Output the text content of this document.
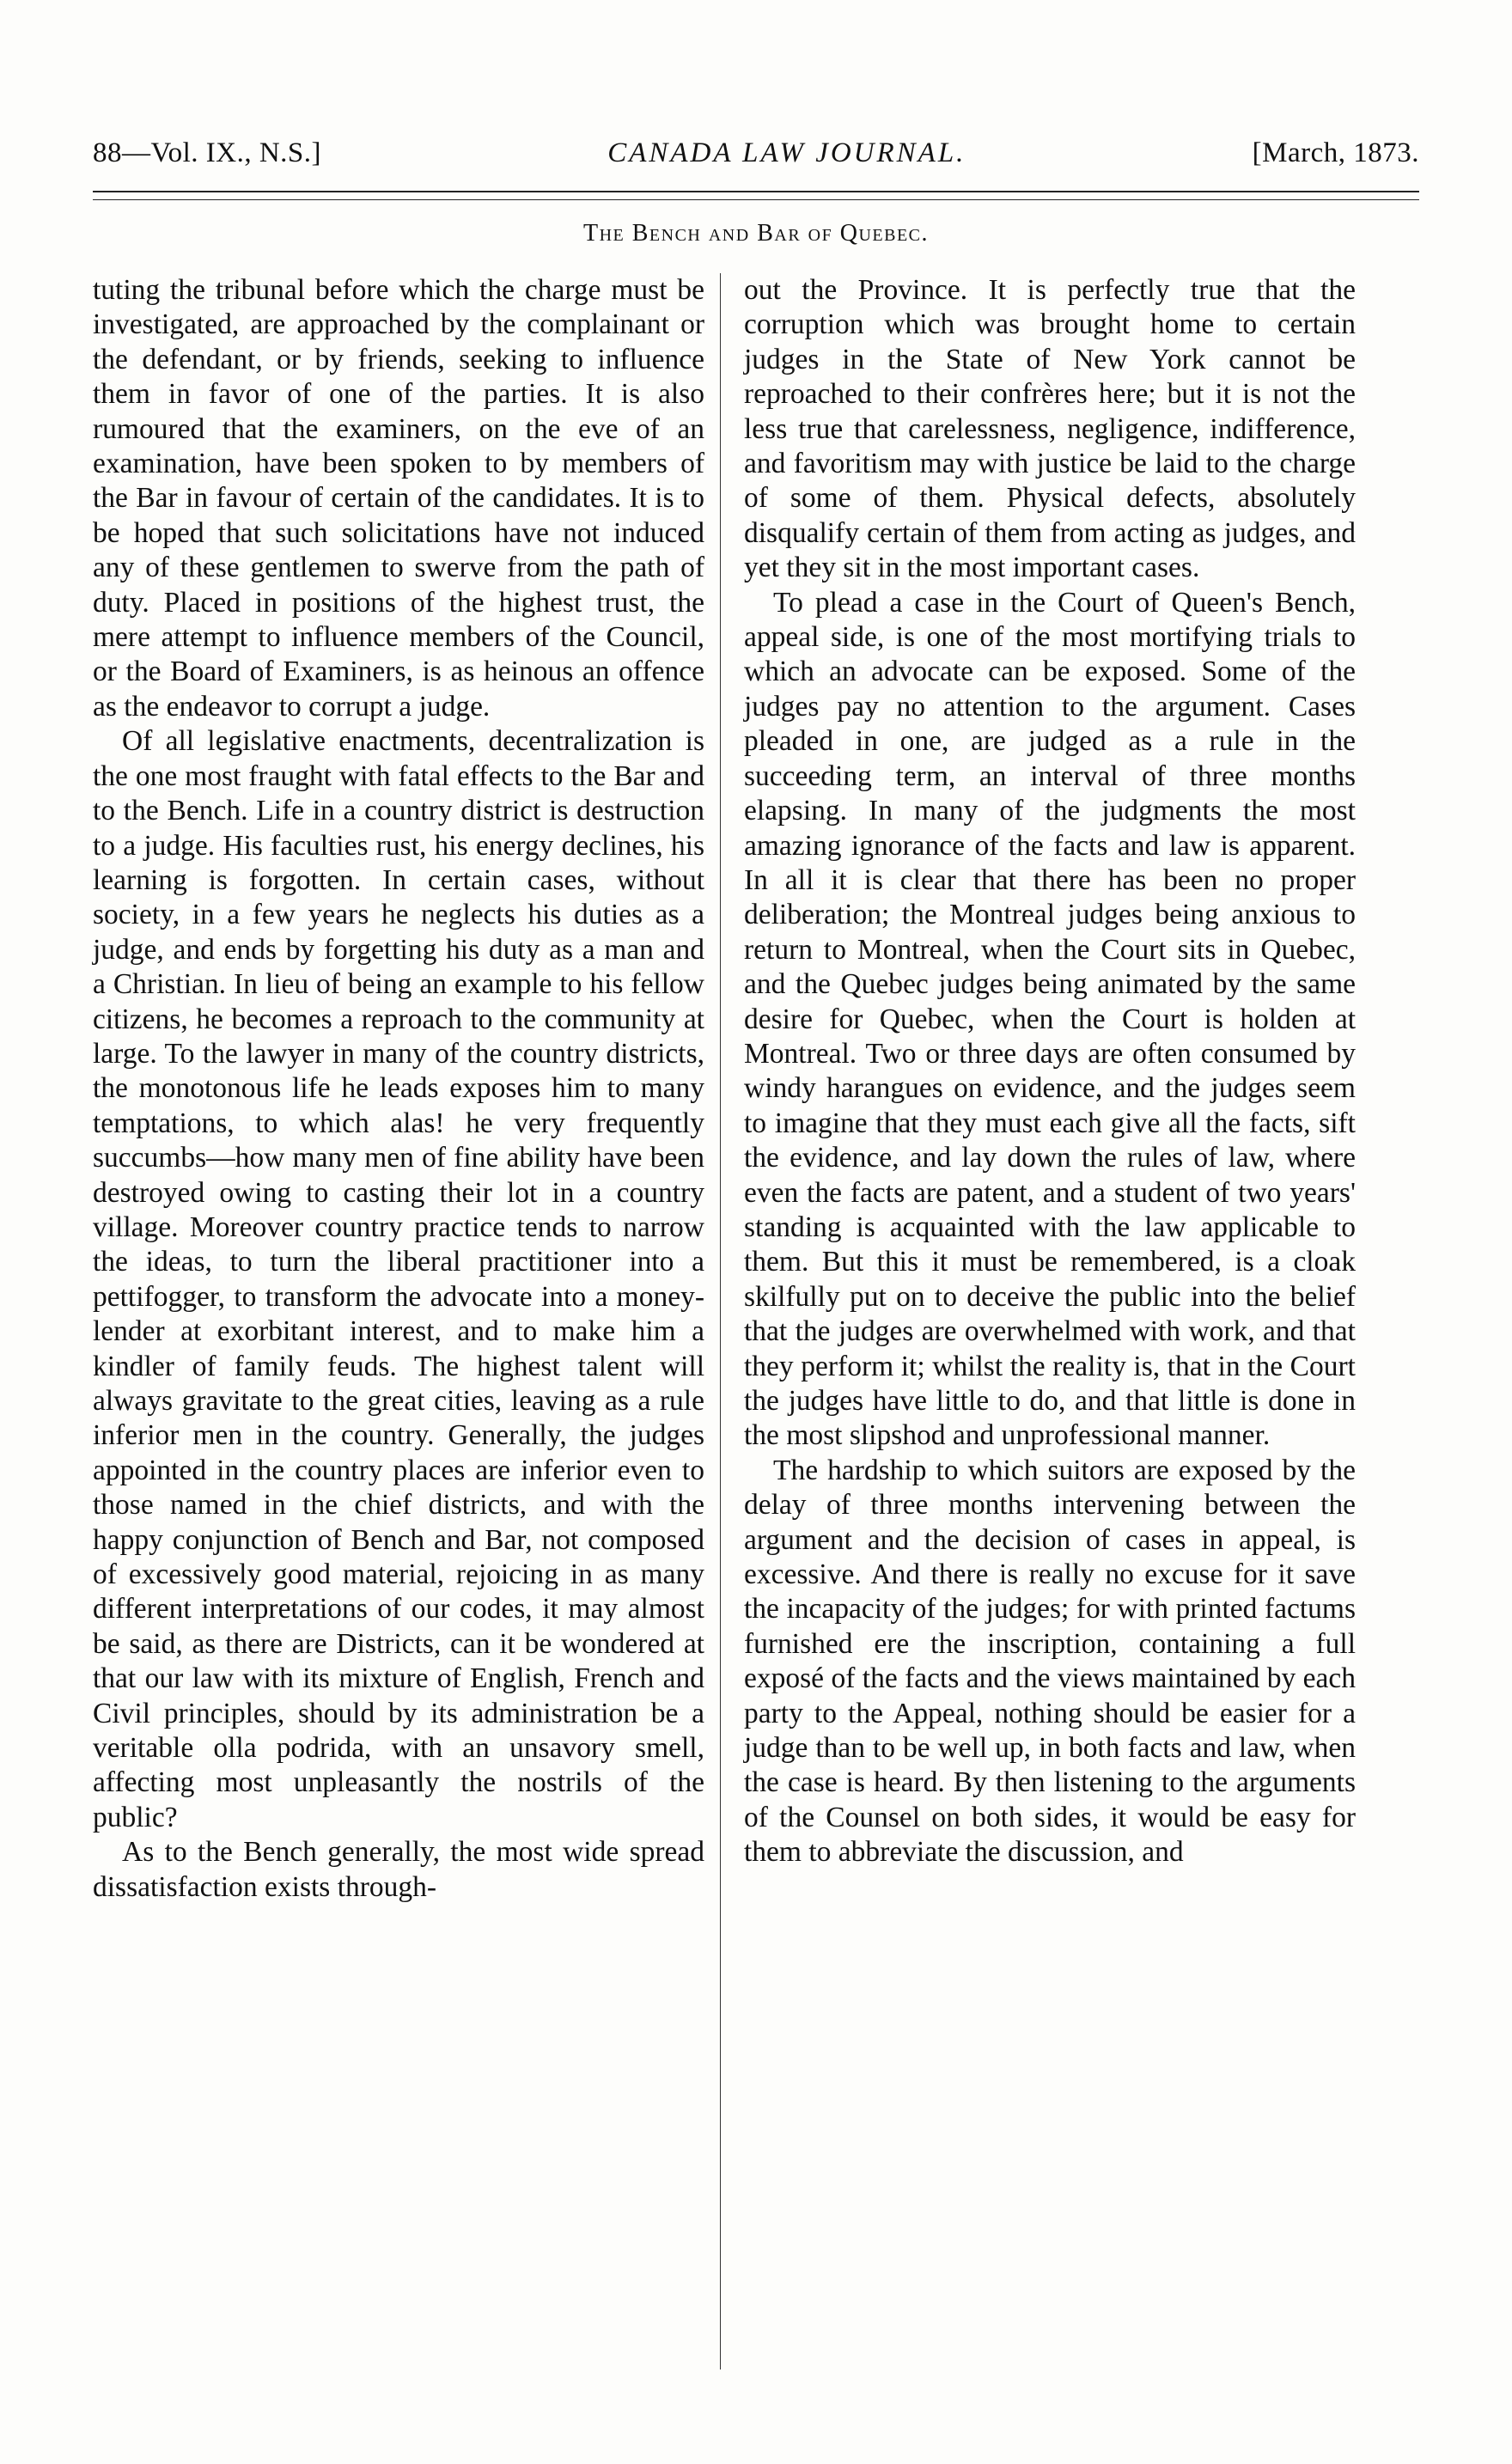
88—Vol. IX., N.S.]	CANADA LAW JOURNAL.	[March, 1873.
The Bench and Bar of Quebec.

tuting the tribunal before which the charge must be investigated, are approached by the complainant or the defendant, or by friends, seeking to influence them in favor of one of the parties. It is also rumoured that the examiners, on the eve of an examination, have been spoken to by members of the Bar in favour of certain of the candidates. It is to be hoped that such solicitations have not induced any of these gentlemen to swerve from the path of duty. Placed in positions of the highest trust, the mere attempt to influence members of the Council, or the Board of Examiners, is as heinous an offence as the endeavor to corrupt a judge.

Of all legislative enactments, decentralization is the one most fraught with fatal effects to the Bar and to the Bench. Life in a country district is destruction to a judge. His faculties rust, his energy declines, his learning is forgotten. In certain cases, without society, in a few years he neglects his duties as a judge, and ends by forgetting his duty as a man and a Christian. In lieu of being an example to his fellow citizens, he becomes a reproach to the community at large. To the lawyer in many of the country districts, the monotonous life he leads exposes him to many temptations, to which alas! he very frequently succumbs—how many men of fine ability have been destroyed owing to casting their lot in a country village. Moreover country practice tends to narrow the ideas, to turn the liberal practitioner into a pettifogger, to transform the advocate into a money-lender at exorbitant interest, and to make him a kindler of family feuds. The highest talent will always gravitate to the great cities, leaving as a rule inferior men in the country. Generally, the judges appointed in the country places are inferior even to those named in the chief districts, and with the happy conjunction of Bench and Bar, not composed of excessively good material, rejoicing in as many different interpretations of our codes, it may almost be said, as there are Districts, can it be wondered at that our law with its mixture of English, French and Civil principles, should by its administration be a veritable olla podrida, with an unsavory smell, affecting most unpleasantly the nostrils of the public?

As to the Bench generally, the most wide spread dissatisfaction exists through-

out the Province. It is perfectly true that the corruption which was brought home to certain judges in the State of New York cannot be reproached to their confrères here; but it is not the less true that carelessness, negligence, indifference, and favoritism may with justice be laid to the charge of some of them. Physical defects, absolutely disqualify certain of them from acting as judges, and yet they sit in the most important cases.

To plead a case in the Court of Queen's Bench, appeal side, is one of the most mortifying trials to which an advocate can be exposed. Some of the judges pay no attention to the argument. Cases pleaded in one, are judged as a rule in the succeeding term, an interval of three months elapsing. In many of the judgments the most amazing ignorance of the facts and law is apparent. In all it is clear that there has been no proper deliberation; the Montreal judges being anxious to return to Montreal, when the Court sits in Quebec, and the Quebec judges being animated by the same desire for Quebec, when the Court is holden at Montreal. Two or three days are often consumed by windy harangues on evidence, and the judges seem to imagine that they must each give all the facts, sift the evidence, and lay down the rules of law, where even the facts are patent, and a student of two years' standing is acquainted with the law applicable to them. But this it must be remembered, is a cloak skilfully put on to deceive the public into the belief that the judges are overwhelmed with work, and that they perform it; whilst the reality is, that in the Court the judges have little to do, and that little is done in the most slipshod and unprofessional manner.

The hardship to which suitors are exposed by the delay of three months intervening between the argument and the decision of cases in appeal, is excessive. And there is really no excuse for it save the incapacity of the judges; for with printed factums furnished ere the inscription, containing a full exposé of the facts and the views maintained by each party to the Appeal, nothing should be easier for a judge than to be well up, in both facts and law, when the case is heard. By then listening to the arguments of the Counsel on both sides, it would be easy for them to abbreviate the discussion, and
